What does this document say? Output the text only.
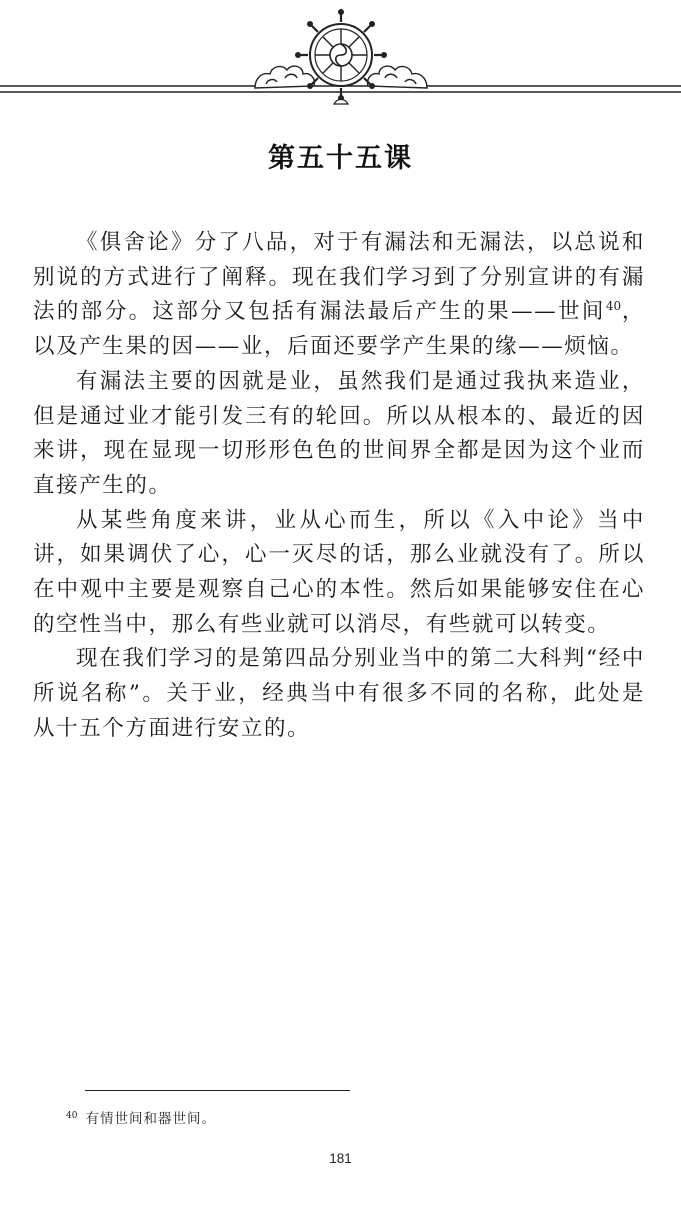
第五十五课

《俱舍论》分了八品，对于有漏法和无漏法，以总说和别说的方式进行了阐释。现在我们学习到了分别宣讲的有漏法的部分。这部分又包括有漏法最后产生的果——世间$^{40}$，以及产生果的因——业，后面还要学产生果的缘——烦恼。

有漏法主要的因就是业，虽然我们是通过我执来造业，但是通过业才能引发三有的轮回。所以从根本的、最近的因来讲，现在显现一切形形色色的世间界全都是因为这个业而直接产生的。

从某些角度来讲，业从心而生，所以《入中论》当中讲，如果调伏了心，心一灭尽的话，那么业就没有了。所以在中观中主要是观察自己心的本性。然后如果能够安住在心的空性当中，那么有些业就可以消尽，有些就可以转变。

现在我们学习的是第四品分别业当中的第二大科判“经中所说名称”。关于业，经典当中有很多不同的名称，此处是从十五个方面进行安立的。

$^{40}$ 有情世间和器世间。
181
